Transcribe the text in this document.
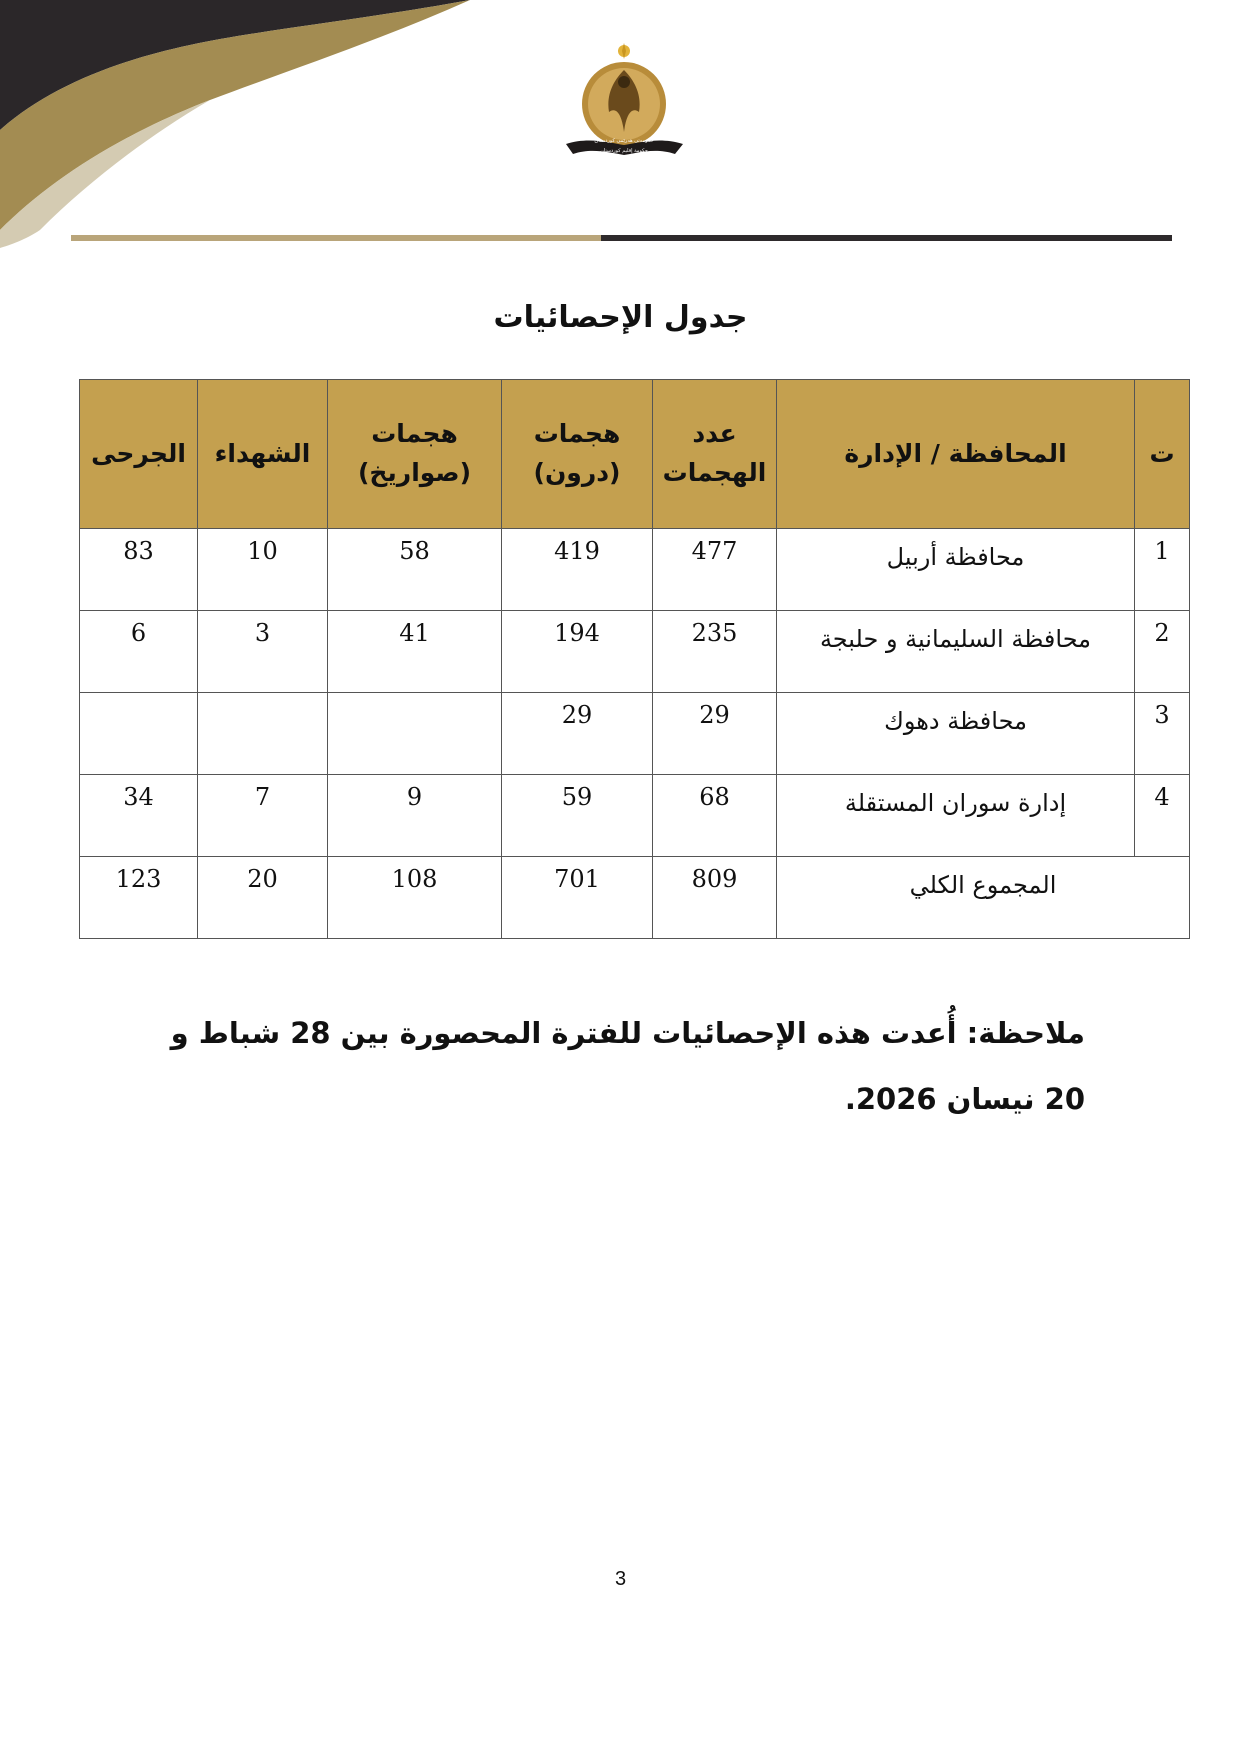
حکومەتی هەرێمی کوردستان
حكومة إقليم كوردستان
جدول الإحصائيات
ت	المحافظة / الإدارة	عدد الهجمات	هجمات (درون)	هجمات (صواريخ)	الشهداء	الجرحى
1	محافظة أربيل	477	419	58	10	83
2	محافظة السليمانية و حلبجة	235	194	41	3	6
3	محافظة دهوك	29	29			
4	إدارة سوران المستقلة	68	59	9	7	34
المجموع الكلي		809	701	108	20	123
ملاحظة: أُعدت هذه الإحصائيات للفترة المحصورة بين 28 شباط و 20 نيسان 2026.
3
